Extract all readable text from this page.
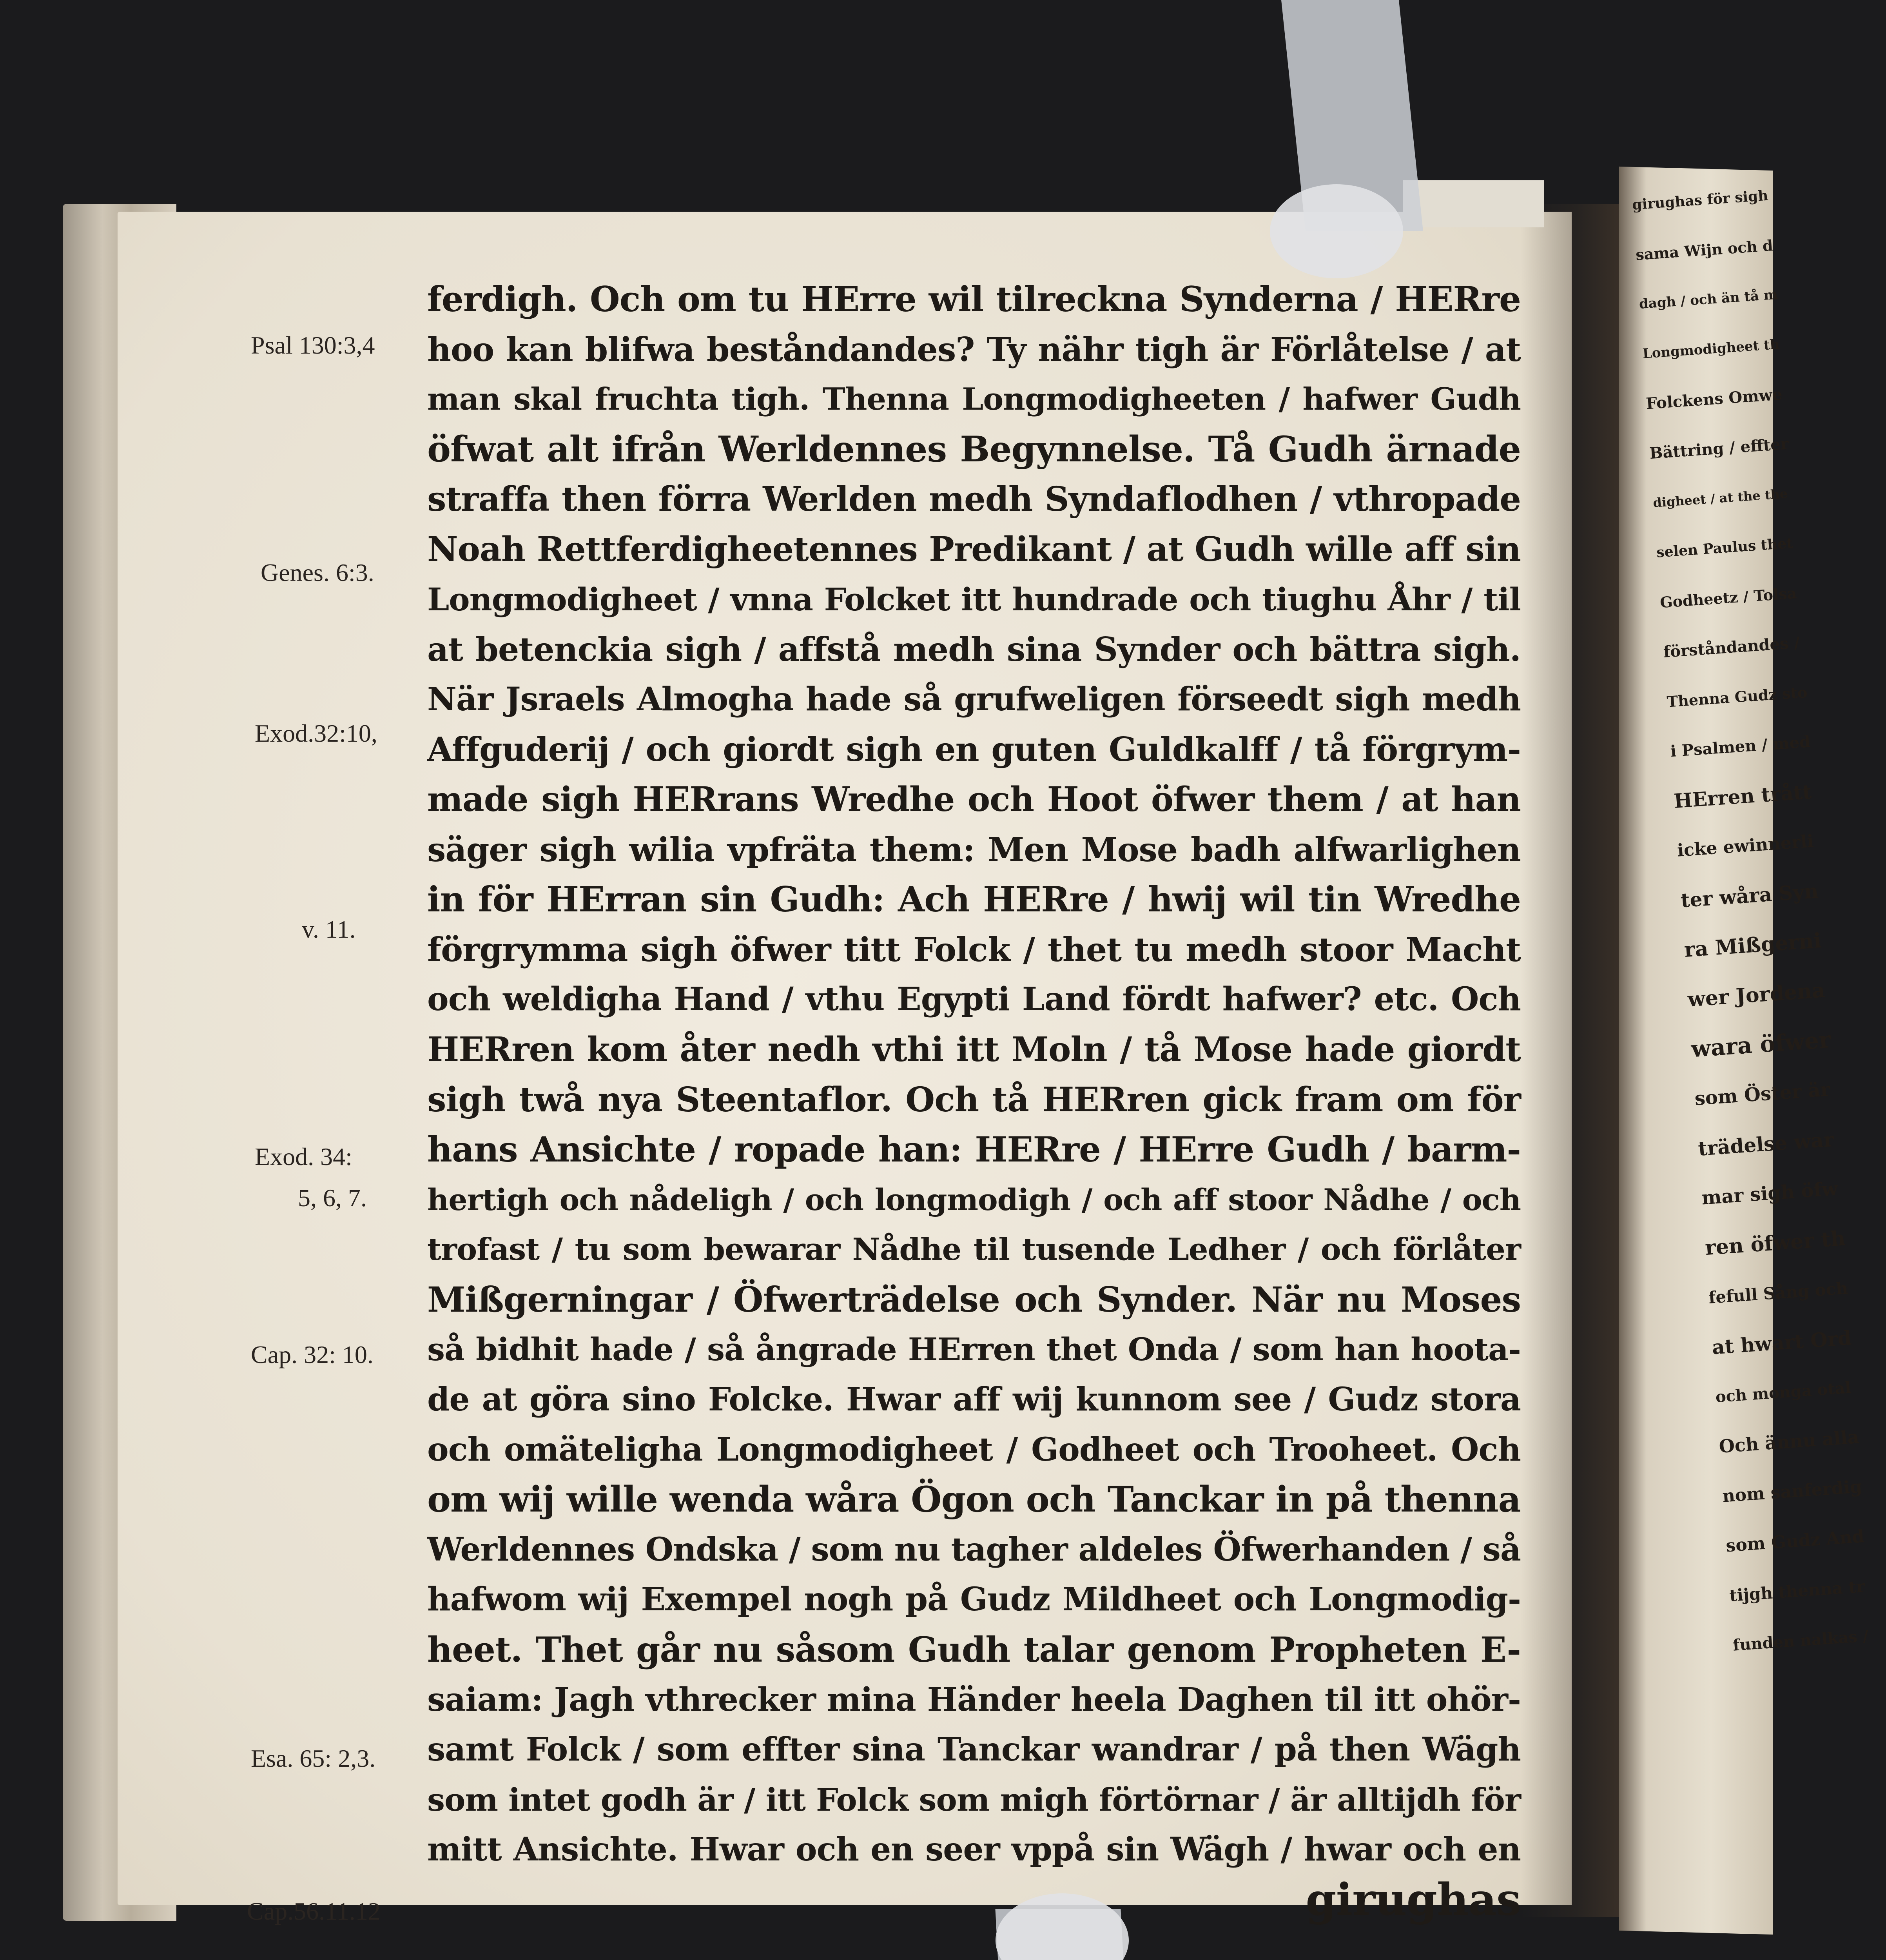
Psal 130:3,4
Genes. 6:3.
Exod.32:10,
v. 11.
Exod. 34:
5, 6, 7.
Cap. 32: 10.
Esa. 65: 2,3.
Cap.56.11.12
ferdigh. Och om tu HErre wil tilreckna Synderna / HERre
hoo kan blifwa beståndandes? Ty nähr tigh är Förlåtelse / at
man skal fruchta tigh. Thenna Longmodigheeten / hafwer Gudh
öfwat alt ifrån Werldennes Begynnelse. Tå Gudh ärnade
straffa then förra Werlden medh Syndaflodhen / vthropade
Noah Rettferdigheetennes Predikant / at Gudh wille aff sin
Longmodigheet / vnna Folcket itt hundrade och tiughu Åhr / til
at betenckia sigh / affstå medh sina Synder och bättra sigh.
När Jsraels Almogha hade så grufweligen förseedt sigh medh
Affguderij / och giordt sigh en guten Guldkalff / tå förgrym-
made sigh HERrans Wredhe och Hoot öfwer them / at han
säger sigh wilia vpfräta them: Men Mose badh alfwarlighen
in för HErran sin Gudh: Ach HERre / hwij wil tin Wredhe
förgrymma sigh öfwer titt Folck / thet tu medh stoor Macht
och weldigha Hand / vthu Egypti Land fördt hafwer? etc. Och
HERren kom åter nedh vthi itt Moln / tå Mose hade giordt
sigh twå nya Steentaflor. Och tå HERren gick fram om för
hans Ansichte / ropade han: HERre / HErre Gudh / barm-
hertigh och nådeligh / och longmodigh / och aff stoor Nådhe / och
trofast / tu som bewarar Nådhe til tusende Ledher / och förlåter
Mißgerningar / Öfwerträdelse och Synder. När nu Moses
så bidhit hade / så ångrade HErren thet Onda / som han hoota-
de at göra sino Folcke. Hwar aff wij kunnom see / Gudz stora
och omäteligha Longmodigheet / Godheet och Trooheet. Och
om wij wille wenda wåra Ögon och Tanckar in på thenna
Werldennes Ondska / som nu tagher aldeles Öfwerhanden / så
hafwom wij Exempel nogh på Gudz Mildheet och Longmodig-
heet. Thet går nu såsom Gudh talar genom Propheten E-
saiam: Jagh vthrecker mina Händer heela Daghen til itt ohör-
samt Folck / som effter sina Tanckar wandrar / på then Wägh
som intet godh är / itt Folck som migh förtörnar / är alltijdh för
mitt Ansichte. Hwar och en seer vppå sin Wägh / hwar och en
girughas
girughas för sigh
sama Wijn och d
dagh / och än tå m
Longmodigheet th
Folckens Omwe
Bättring / effter
digheet / at the the
selen Paulus thet
Godheetz / Tolsa
förståndandes /
Thenna Gudz sto
i Psalmen / med
HErren trått
icke ewinnerli
ter wåra Syn
ra Mißgerni
wer Jordena
wara öfwer
som Öster är
trädelse war
mar sigh öfw
ren öfwer th
fefull Sång och
at hwart Ord
och monga otal
Och ännu alla
nom sanferdig
som Gudz And
tijgh thenna tr
funden nalkas /
